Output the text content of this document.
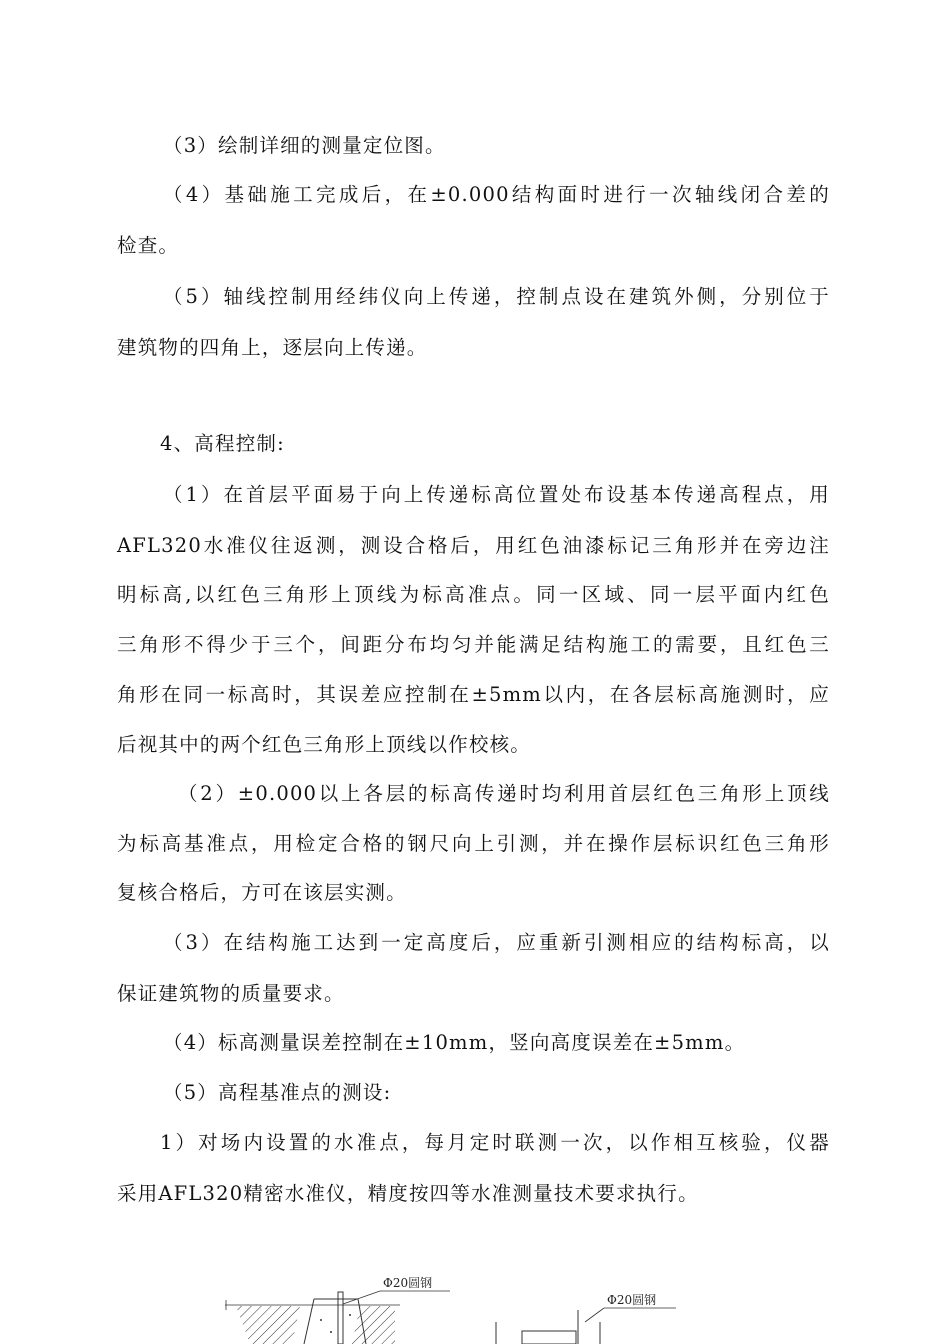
（3）绘制详细的测量定位图。
（4）基础施工完成后，在±0.000结构面时进行一次轴线闭合差的
检查。
（5）轴线控制用经纬仪向上传递，控制点设在建筑外侧，分别位于
建筑物的四角上，逐层向上传递。
4、高程控制:
（1）在首层平面易于向上传递标高位置处布设基本传递高程点，用
AFL320水准仪往返测，测设合格后，用红色油漆标记三角形并在旁边注
明标高,以红色三角形上顶线为标高准点。同一区域、同一层平面内红色
三角形不得少于三个，间距分布均匀并能满足结构施工的需要，且红色三
角形在同一标高时，其误差应控制在±5mm以内，在各层标高施测时，应
后视其中的两个红色三角形上顶线以作校核。
（2）±0.000以上各层的标高传递时均利用首层红色三角形上顶线
为标高基准点，用检定合格的钢尺向上引测，并在操作层标识红色三角形
复核合格后，方可在该层实测。
（3）在结构施工达到一定高度后，应重新引测相应的结构标高，以
保证建筑物的质量要求。
（4）标高测量误差控制在±10mm，竖向高度误差在±5mm。
（5）高程基准点的测设:
1）对场内设置的水准点，每月定时联测一次，以作相互核验，仪器
采用AFL320精密水准仪，精度按四等水准测量技术要求执行。
Φ20圆钢
Φ20圆钢
